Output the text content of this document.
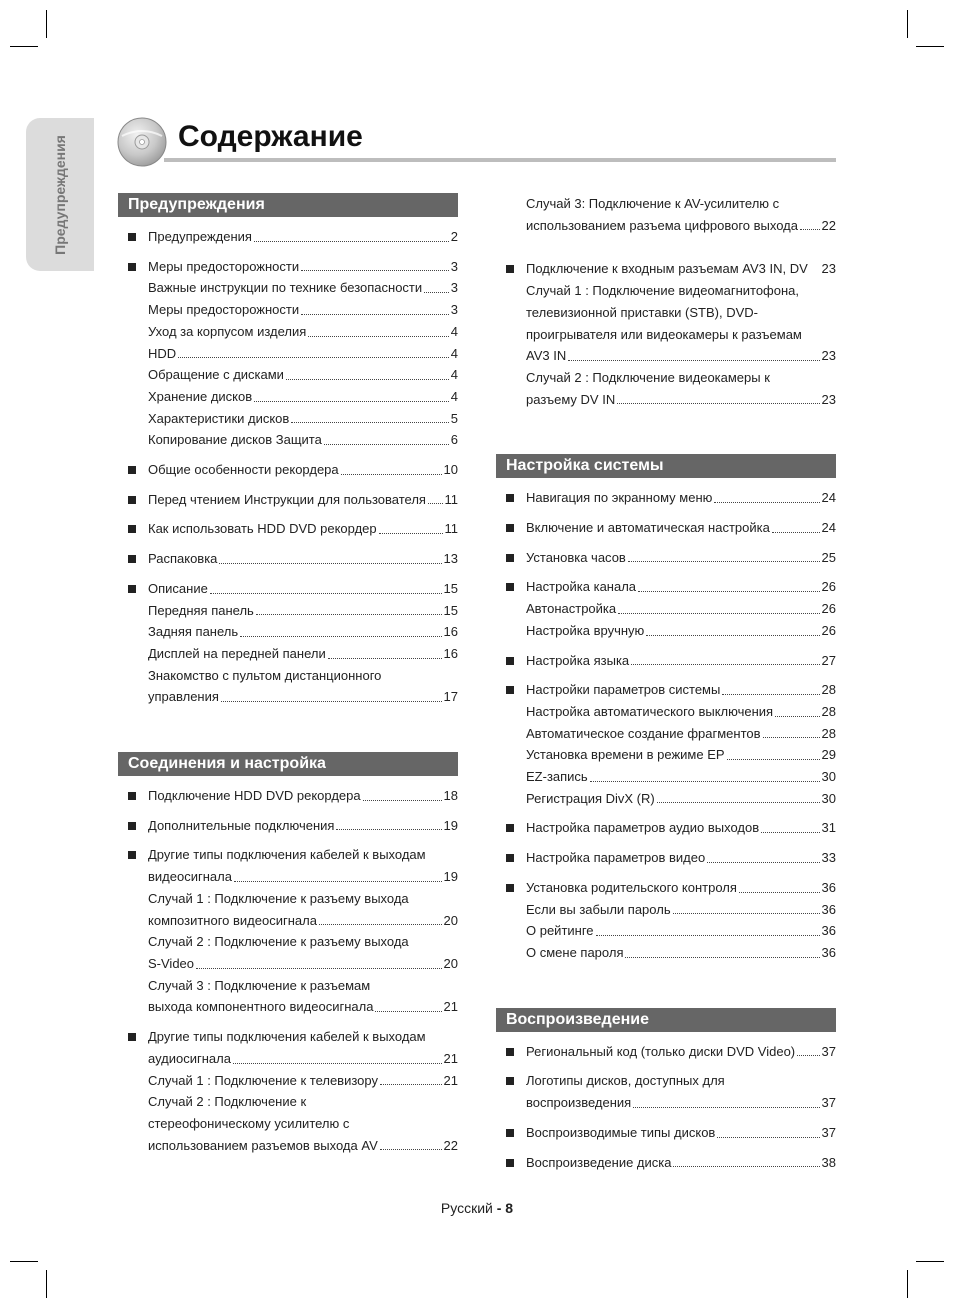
Предупреждения	Содержание
Предупреждения
Предупреждения	2
Меры предосторожности	3
Важные инструкции по технике безопасности 3
Меры предосторожности	3
Уход за корпусом изделия	4
HDD	4
Обращение с дисками	4
Хранение дисков	4
Характеристики дисков	5
Копирование дисков Защита	6
Общие особенности рекордера	10
Перед чтением Инструкции для пользователя 11
Как использовать HDD DVD рекордер	11
Распаковка	13
Описание	15
Передняя панель	15
Задняя панель	16
Дисплей на передней панели	16
Знакомство с пультом дистанционного
управления	17
Соединения и настройка
Подключение HDD DVD рекордера	18
Дополнительные подключения	19
Другие типы подключения кабелей к выходам
видеосигнала	19
Случай 1 : Подключение к разъему выхода
композитного видеосигнала	20
Случай 2 : Подключение к разъему выхода
S-Video	20
Случай 3 : Подключение к разъемам
выхода компонентного видеосигнала	21
Другие типы подключения кабелей к выходам
аудиосигнала	21
Случай 1 : Подключение к телевизору	21
Случай 2 : Подключение к
стереофоническому усилителю с
использованием разъемов выхода AV	22
Случай 3: Подключение к AV-усилителю с
использованием разъема цифрового выхода 22
Подключение к входным разъемам AV3 IN, DV 23
Случай 1 : Подключение видеомагнитофона,
телевизионной приставки (STB), DVD-
проигрывателя или видеокамеры к разъемам
AV3 IN	23
Случай 2 : Подключение видеокамеры к
разъему DV IN	23
Настройка системы
Навигация по экранному меню	24
Включение и автоматическая настройка	24
Установка часов	25
Настройка канала	26
Автонастройка	26
Настройка вручную	26
Настройка языка	27
Настройки параметров системы	28
Настройка автоматического выключения	28
Автоматическое создание фрагментов	28
Установка времени в режиме EP	29
EZ-запись	30
Регистрация DivX (R)	30
Настройка параметров аудио выходов	31
Настройка параметров видео	33
Установка родительского контроля	36
Если вы забыли пароль	36
О рейтинге	36
О смене пароля	36
Воспроизведение
Региональный код (только диски DVD Video) 37
Логотипы дисков, доступных для
воспроизведения	37
Воспроизводимые типы дисков	37
Воспроизведение диска	38
Русский - 8
